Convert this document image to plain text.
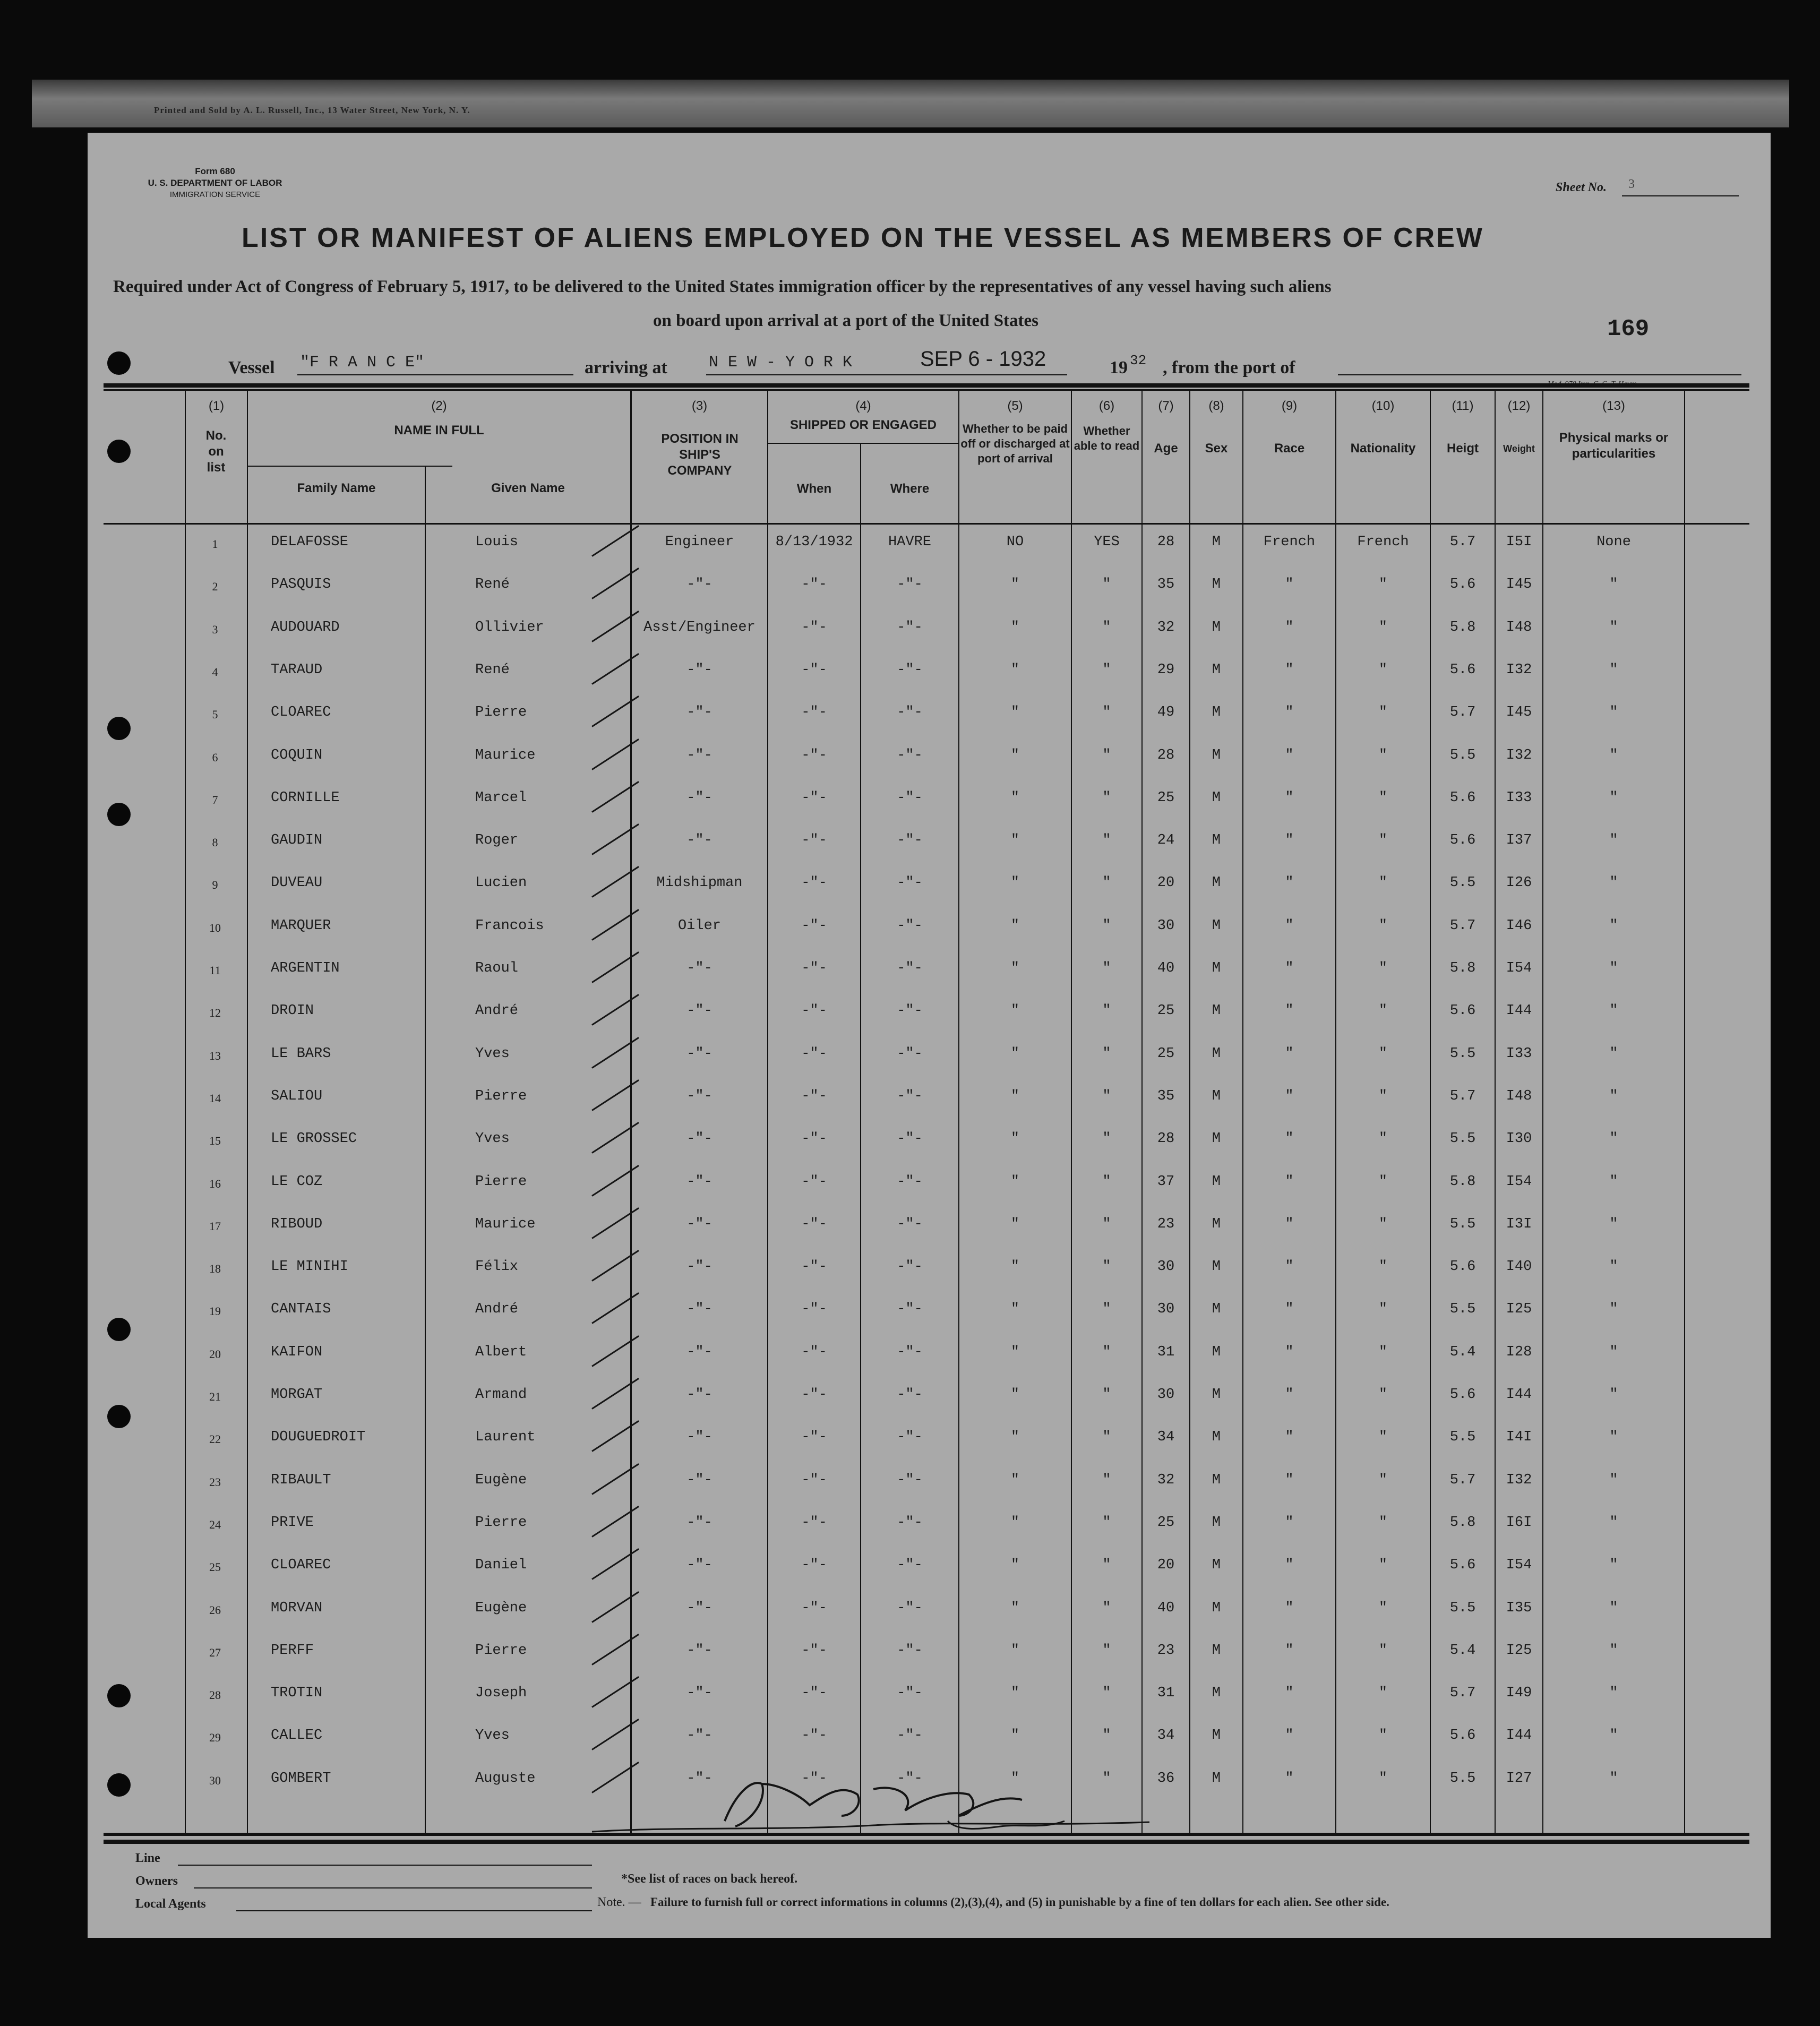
Printed and Sold by A. L. Russell, Inc., 13 Water Street, New York, N. Y.
Form 680
U. S. DEPARTMENT OF LABOR
IMMIGRATION SERVICE
Sheet No. 3
LIST OR MANIFEST OF ALIENS EMPLOYED ON THE VESSEL AS MEMBERS OF CREW
Required under Act of Congress of February 5, 1917, to be delivered to the United States immigration officer by the representatives of any vessel having such aliens
on board upon arrival at a port of the United States	169
Vessel "F R A N C E"	arriving at	N E W - Y O R K	SEP 6 - 1932	19 32 , from the port of
(1)
No. on list
(2)
NAME IN FULL
Family Name	Given Name
(3)
POSITION IN SHIP'S COMPANY
(4)
SHIPPED OR ENGAGED
When	Where
(5)
Whether to be paid off or discharged at port of arrival
(6)
Whether able to read
(7)
Age
(8)
Sex
(9)
Race
(10)
Nationality
(11)
Heigt
(12)
Weight
(13)
Physical marks or particularities
1	DELAFOSSE	Louis	Engineer	8/13/1932	HAVRE	NO	YES	28	M	French	French	5.7	I5I	None
2	PASQUIS	René	-"-	-"-	-"-	"	"	35	M	"	"	5.6	I45	"
3	AUDOUARD	Ollivier	Asst/Engineer	-"-	-"-	"	"	32	M	"	"	5.8	I48	"
4	TARAUD	René	-"-	-"-	-"-	"	"	29	M	"	"	5.6	I32	"
5	CLOAREC	Pierre	-"-	-"-	-"-	"	"	49	M	"	"	5.7	I45	"
6	COQUIN	Maurice	-"-	-"-	-"-	"	"	28	M	"	"	5.5	I32	"
7	CORNILLE	Marcel	-"-	-"-	-"-	"	"	25	M	"	"	5.6	I33	"
8	GAUDIN	Roger	-"-	-"-	-"-	"	"	24	M	"	"	5.6	I37	"
9	DUVEAU	Lucien	Midshipman	-"-	-"-	"	"	20	M	"	"	5.5	I26	"
10	MARQUER	Francois	Oiler	-"-	-"-	"	"	30	M	"	"	5.7	I46	"
11	ARGENTIN	Raoul	-"-	-"-	-"-	"	"	40	M	"	"	5.8	I54	"
12	DROIN	André	-"-	-"-	-"-	"	"	25	M	"	"	5.6	I44	"
13	LE BARS	Yves	-"-	-"-	-"-	"	"	25	M	"	"	5.5	I33	"
14	SALIOU	Pierre	-"-	-"-	-"-	"	"	35	M	"	"	5.7	I48	"
15	LE GROSSEC	Yves	-"-	-"-	-"-	"	"	28	M	"	"	5.5	I30	"
16	LE COZ	Pierre	-"-	-"-	-"-	"	"	37	M	"	"	5.8	I54	"
17	RIBOUD	Maurice	-"-	-"-	-"-	"	"	23	M	"	"	5.5	I3I	"
18	LE MINIHI	Félix	-"-	-"-	-"-	"	"	30	M	"	"	5.6	I40	"
19	CANTAIS	André	-"-	-"-	-"-	"	"	30	M	"	"	5.5	I25	"
20	KAIFON	Albert	-"-	-"-	-"-	"	"	31	M	"	"	5.4	I28	"
21	MORGAT	Armand	-"-	-"-	-"-	"	"	30	M	"	"	5.6	I44	"
22	DOUGUEDROIT	Laurent	-"-	-"-	-"-	"	"	34	M	"	"	5.5	I4I	"
23	RIBAULT	Eugène	-"-	-"-	-"-	"	"	32	M	"	"	5.7	I32	"
24	PRIVE	Pierre	-"-	-"-	-"-	"	"	25	M	"	"	5.8	I6I	"
25	CLOAREC	Daniel	-"-	-"-	-"-	"	"	20	M	"	"	5.6	I54	"
26	MORVAN	Eugène	-"-	-"-	-"-	"	"	40	M	"	"	5.5	I35	"
27	PERFF	Pierre	-"-	-"-	-"-	"	"	23	M	"	"	5.4	I25	"
28	TROTIN	Joseph	-"-	-"-	-"-	"	"	31	M	"	"	5.7	I49	"
29	CALLEC	Yves	-"-	-"-	-"-	"	"	34	M	"	"	5.6	I44	"
30	GOMBERT	Auguste	-"-	-"-	-"-	"	"	36	M	"	"	5.5	I27	"
Line
Owners
Local Agents
*See list of races on back hereof.
Note. — Failure to furnish full or correct informations in columns (2),(3),(4), and (5) in punishable by a fine of ten dollars for each alien. See other side.
